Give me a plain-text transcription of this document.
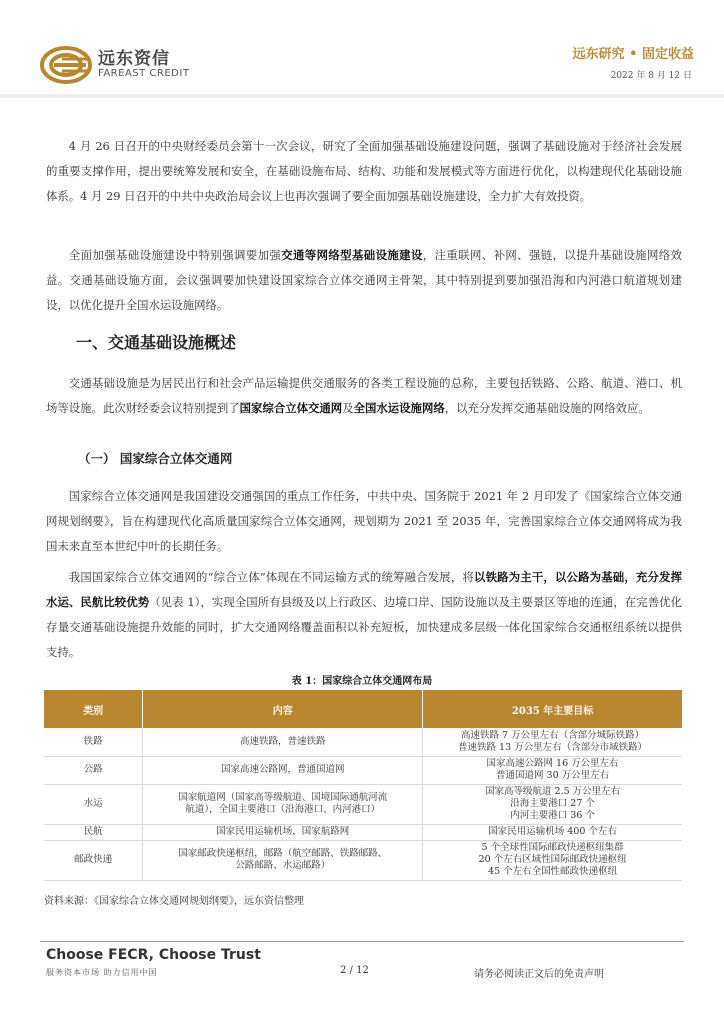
远东资信
FAREAST CREDIT
远东研究 • 固定收益
2022 年 8 月 12 日

4 月 26 日召开的中央财经委员会第十一次会议，研究了全面加强基础设施建设问题，强调了基础设施对于经济社会发展的重要支撑作用，提出要统筹发展和安全，在基础设施布局、结构、功能和发展模式等方面进行优化，以构建现代化基础设施体系。4 月 29 日召开的中共中央政治局会议上也再次强调了要全面加强基础设施建设，全力扩大有效投资。

全面加强基础设施建设中特别强调要加强交通等网络型基础设施建设，注重联网、补网、强链，以提升基础设施网络效益。交通基础设施方面，会议强调要加快建设国家综合立体交通网主骨架，其中特别提到要加强沿海和内河港口航道规划建设，以优化提升全国水运设施网络。

一、交通基础设施概述

交通基础设施是为居民出行和社会产品运输提供交通服务的各类工程设施的总称，主要包括铁路、公路、航道、港口、机场等设施。此次财经委会议特别提到了国家综合立体交通网及全国水运设施网络，以充分发挥交通基础设施的网络效应。

（一） 国家综合立体交通网

国家综合立体交通网是我国建设交通强国的重点工作任务，中共中央、国务院于 2021 年 2 月印发了《国家综合立体交通网规划纲要》，旨在构建现代化高质量国家综合立体交通网，规划期为 2021 至 2035 年，完善国家综合立体交通网将成为我国未来直至本世纪中叶的长期任务。

我国国家综合立体交通网的“综合立体”体现在不同运输方式的统筹融合发展，将以铁路为主干，以公路为基础，充分发挥水运、民航比较优势（见表 1），实现全国所有县级及以上行政区、边境口岸、国防设施以及主要景区等地的连通，在完善优化存量交通基础设施提升效能的同时，扩大交通网络覆盖面积以补充短板，加快建成多层级一体化国家综合交通枢纽系统以提供支持。

表 1：国家综合立体交通网布局
类别	内容	2035 年主要目标
铁路	高速铁路，普速铁路	高速铁路 7 万公里左右（含部分城际铁路）
普速铁路 13 万公里左右（含部分市域铁路）

公路	国家高速公路网，普通国道网	国家高速公路网 16 万公里左右
普通国道网 30 万公里左右

水运	国家航道网（国家高等级航道、国境国际通航河流
航道），全国主要港口（沿海港口、内河港口）	国家高等级航道 2.5 万公里左右
沿海主要港口 27 个
内河主要港口 36 个

民航	国家民用运输机场，国家航路网	国家民用运输机场 400 个左右

邮政快递	国家邮政快递枢纽，邮路（航空邮路、铁路邮路、
公路邮路、水运邮路）	5 个全球性国际邮政快递枢纽集群
20 个左右区域性国际邮政快递枢纽
45 个左右全国性邮政快递枢纽
资料来源：《国家综合立体交通网规划纲要》，远东资信整理
Choose FECR, Choose Trust
服务资本市场 助力信用中国	2 / 12	请务必阅读正文后的免责声明
